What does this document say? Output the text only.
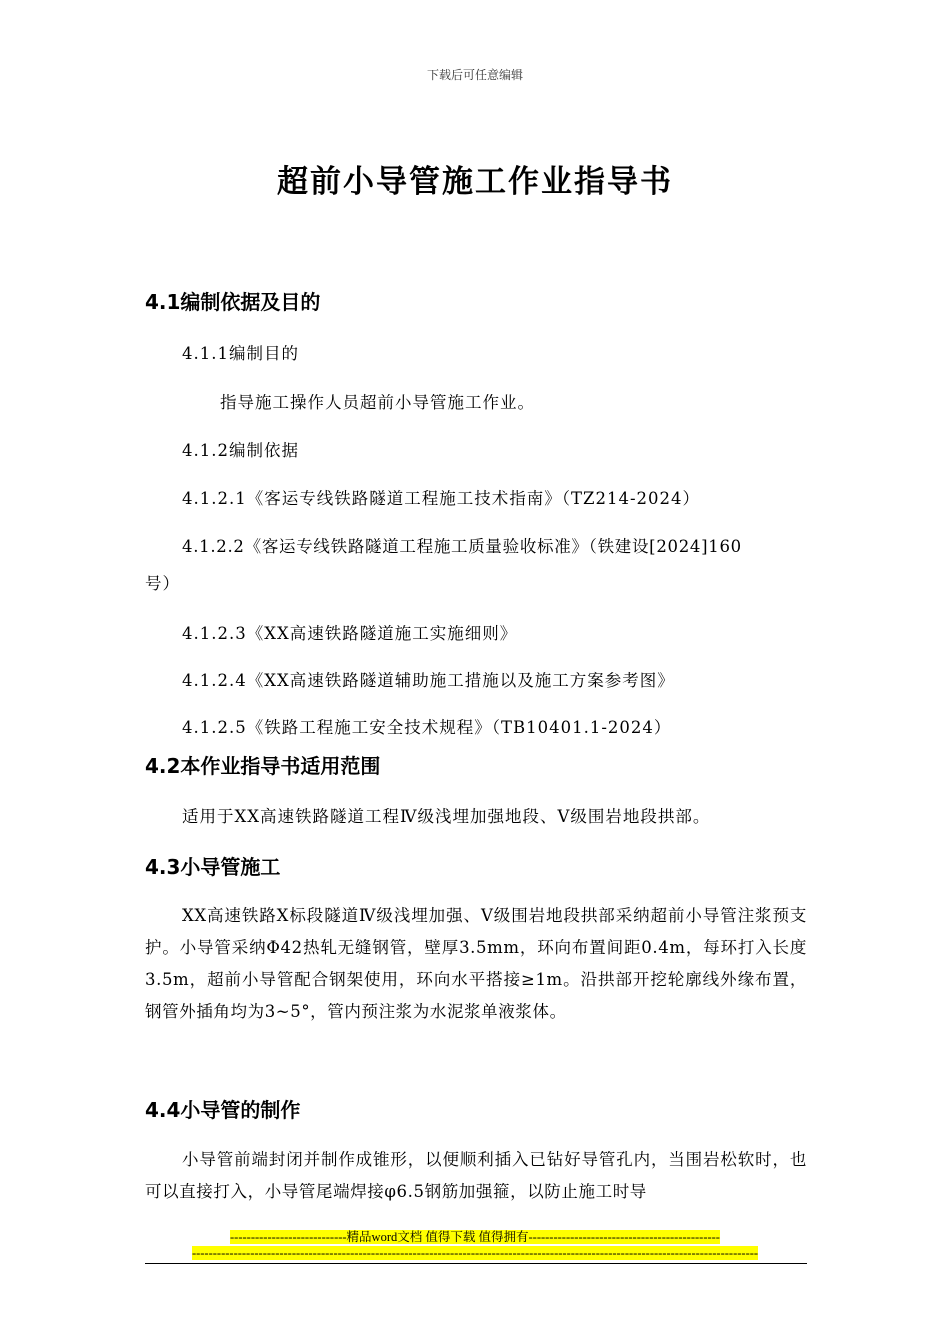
下载后可任意编辑
超前小导管施工作业指导书
4.1编制依据及目的
4.1.1编制目的
指导施工操作人员超前小导管施工作业。
4.1.2编制依据
4.1.2.1《客运专线铁路隧道工程施工技术指南》（TZ214-2024）
4.1.2.2《客运专线铁路隧道工程施工质量验收标准》（铁建设[2024]160
号）
4.1.2.3《XX高速铁路隧道施工实施细则》
4.1.2.4《XX高速铁路隧道辅助施工措施以及施工方案参考图》
4.1.2.5《铁路工程施工安全技术规程》（TB10401.1-2024）
4.2本作业指导书适用范围
适用于XX高速铁路隧道工程Ⅳ级浅埋加强地段、Ⅴ级围岩地段拱部。
4.3小导管施工
XX高速铁路X标段隧道Ⅳ级浅埋加强、Ⅴ级围岩地段拱部采纳超前小导管注浆预支护。小导管采纳Φ42热轧无缝钢管，壁厚3.5mm，环向布置间距0.4m，每环打入长度3.5m，超前小导管配合钢架使用，环向水平搭接≥1m。沿拱部开挖轮廓线外缘布置，钢管外插角均为3~5°，管内预注浆为水泥浆单液浆体。
4.4小导管的制作
小导管前端封闭并制作成锥形，以便顺利插入已钻好导管孔内，当围岩松软时，也可以直接打入，小导管尾端焊接φ6.5钢筋加强箍，以防止施工时导
----------------------------精品word文档 值得下载 值得拥有----------------------------------------------
----------------------------------------------------------------------------------------------------------------------------------------
